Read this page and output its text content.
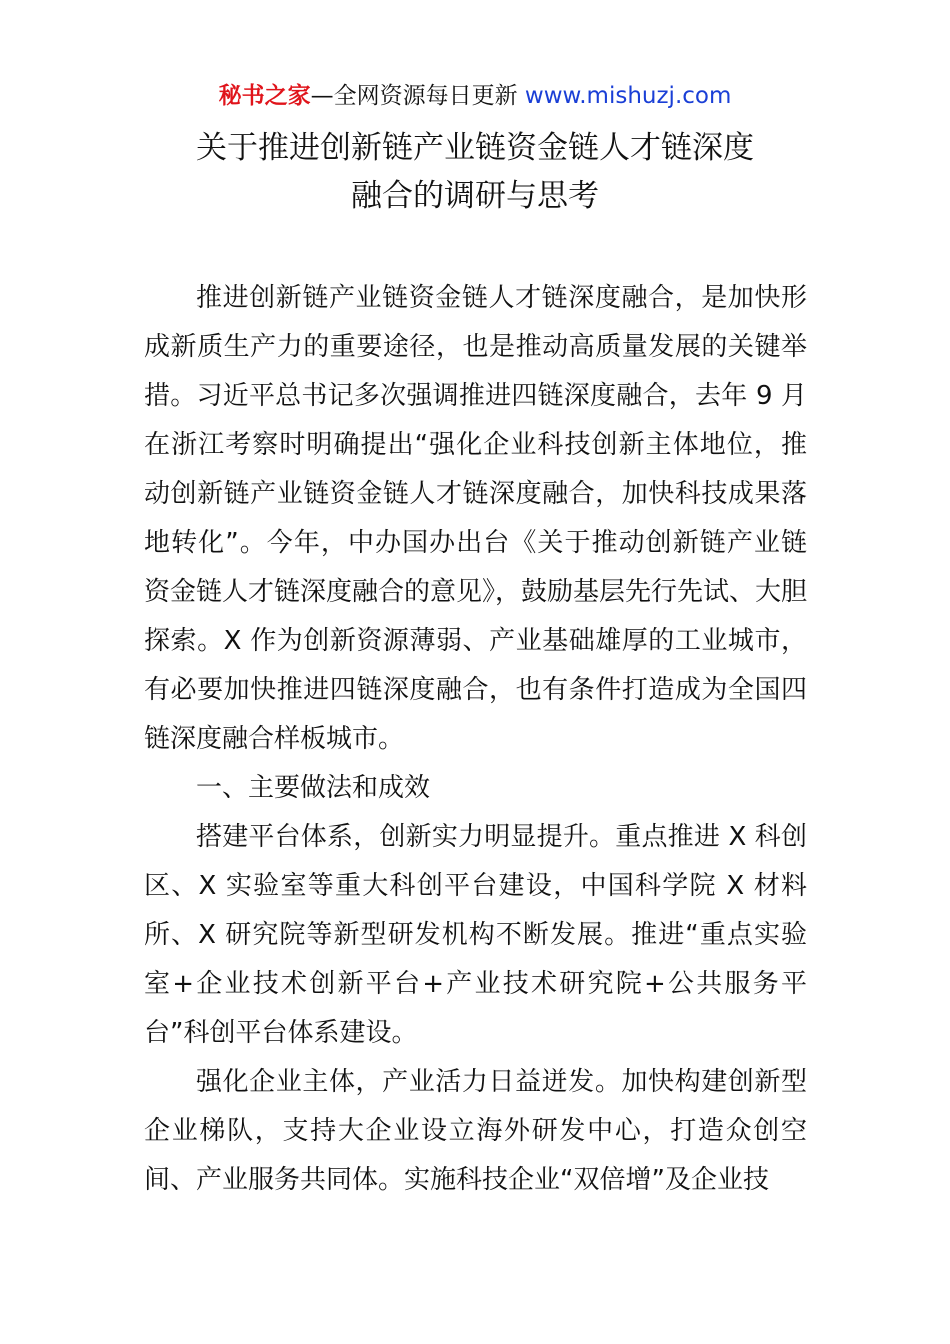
秘书之家—全网资源每日更新 www.mishuzj.com
关于推进创新链产业链资金链人才链深度
融合的调研与思考

推进创新链产业链资金链人才链深度融合，是加快形成新质生产力的重要途径，也是推动高质量发展的关键举措。习近平总书记多次强调推进四链深度融合，去年 9 月在浙江考察时明确提出“强化企业科技创新主体地位，推动创新链产业链资金链人才链深度融合，加快科技成果落地转化”。今年，中办国办出台《关于推动创新链产业链资金链人才链深度融合的意见》，鼓励基层先行先试、大胆探索。X 作为创新资源薄弱、产业基础雄厚的工业城市，有必要加快推进四链深度融合，也有条件打造成为全国四链深度融合样板城市。

一、主要做法和成效

搭建平台体系，创新实力明显提升。重点推进 X 科创区、X 实验室等重大科创平台建设，中国科学院 X 材料所、X 研究院等新型研发机构不断发展。推进“重点实验室+企业技术创新平台+产业技术研究院+公共服务平台”科创平台体系建设。

强化企业主体，产业活力日益迸发。加快构建创新型企业梯队，支持大企业设立海外研发中心，打造众创空间、产业服务共同体。实施科技企业“双倍增”及企业技
